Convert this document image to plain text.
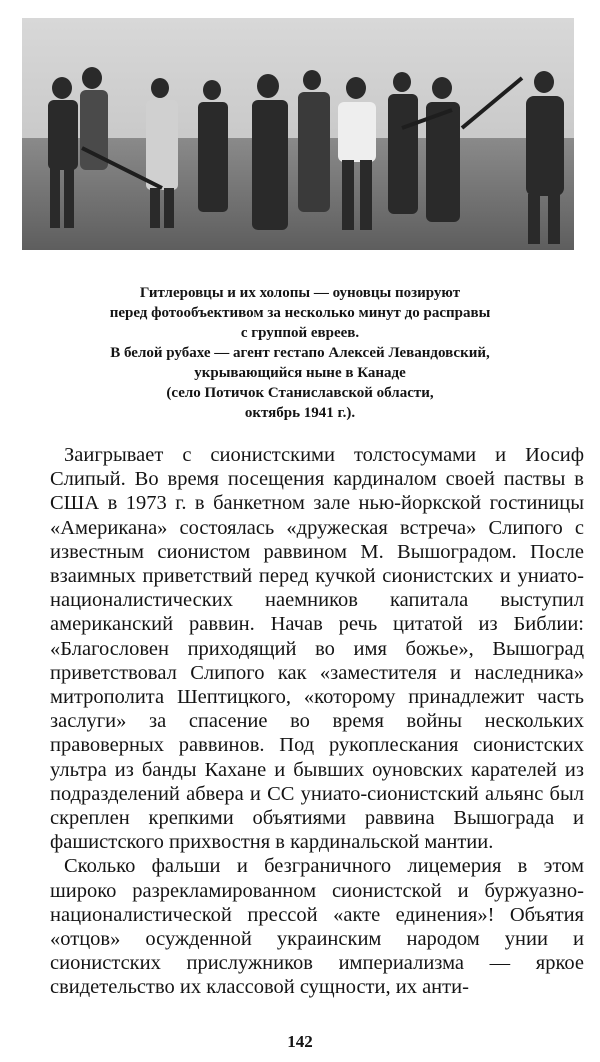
Гитлеровцы и их холопы — оуновцы позируют

перед фотообъективом за несколько минут до расправы

с группой евреев.

В белой рубахе — агент гестапо Алексей Левандовский,

укрывающийся ныне в Канаде

(село Потичок Станиславской области,

октябрь 1941 г.).

Заигрывает с сионистскими толстосумами и Иосиф Слипый. Во время посещения кардиналом своей паствы в США в 1973 г. в банкетном зале нью-йоркской гостиницы «Американа» состоялась «дружеская встреча» Слипого с известным сионистом раввином М. Вышоградом. После взаимных приветствий перед кучкой сионистских и униато-националистических наемников капитала выступил американский раввин. Начав речь цитатой из Библии: «Благословен приходящий во имя божье», Вышоград приветствовал Слипого как «заместителя и наследника» митрополита Шептицкого, «которому принадлежит часть заслуги» за спасение во время войны нескольких правоверных раввинов. Под рукоплескания сионистских ультра из банды Кахане и бывших оуновских карателей из подразделений абвера и СС униато-сионистский альянс был скреплен крепкими объятиями раввина Вышограда и фашистского прихвостня в кардинальской мантии.

Сколько фальши и безграничного лицемерия в этом широко разрекламированном сионистской и буржуазно-националистической прессой «акте единения»! Объятия «отцов» осужденной украинским народом унии и сионистских прислужников империализма — яркое свидетельство их классовой сущности, их анти-

142
